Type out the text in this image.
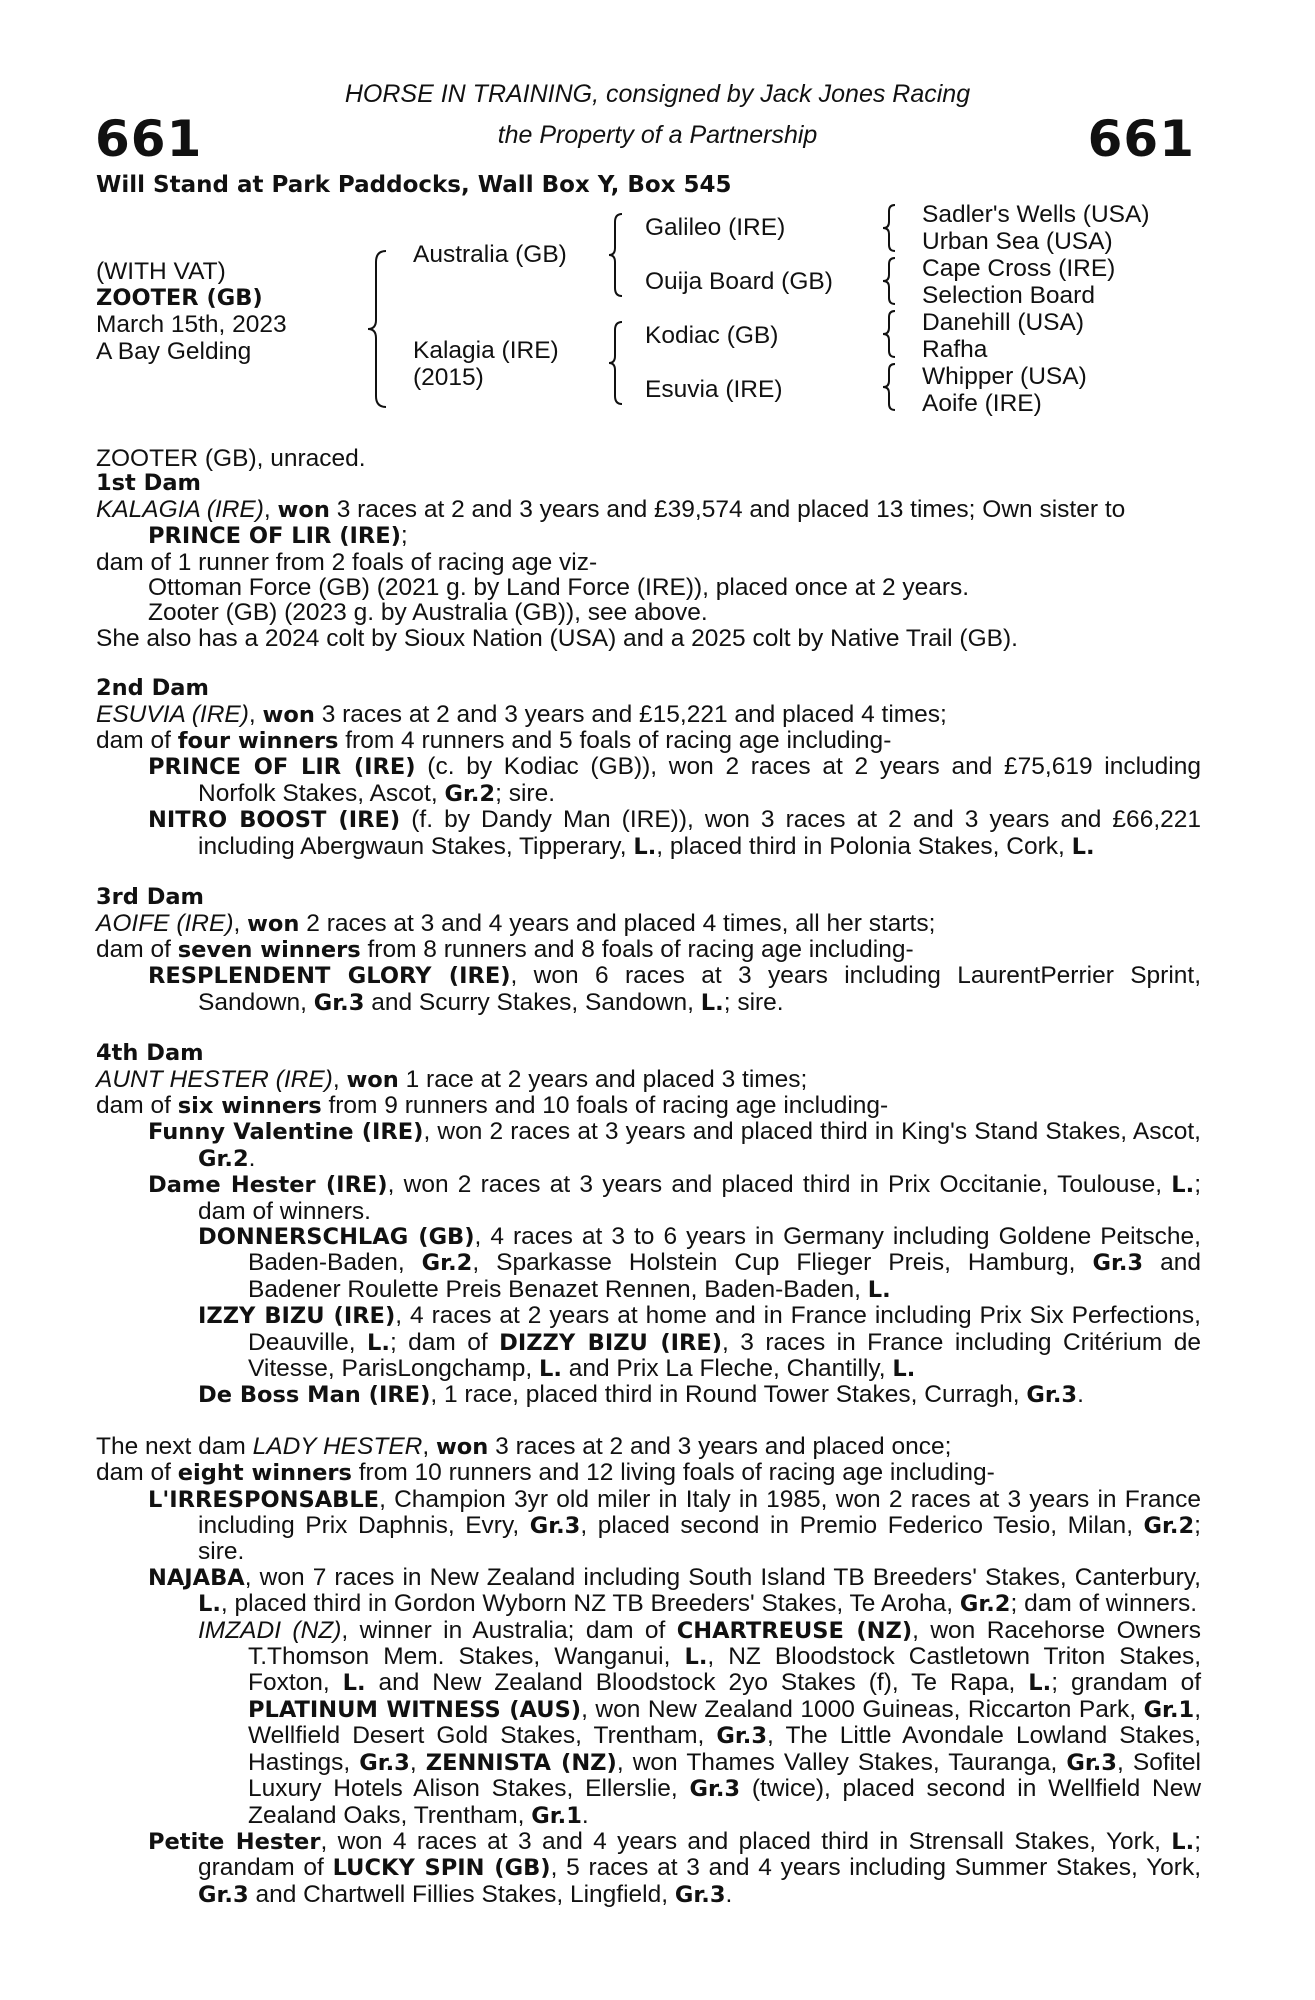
661	661
HORSE IN TRAINING, consigned by Jack Jones Racing
the Property of a Partnership
Will Stand at Park Paddocks, Wall Box Y, Box 545
(WITH VAT)
ZOOTER (GB)
March 15th, 2023
A Bay Gelding
Australia (GB)
Kalagia (IRE)
(2015)
Galileo (IRE)
Ouija Board (GB)
Kodiac (GB)
Esuvia (IRE)
Sadler's Wells (USA)
Urban Sea (USA)
Cape Cross (IRE)
Selection Board
Danehill (USA)
Rafha
Whipper (USA)
Aoife (IRE)

ZOOTER (GB), unraced.

1st Dam

KALAGIA (IRE), won 3 races at 2 and 3 years and £39,574 and placed 13 times; Own sister to

PRINCE OF LIR (IRE);

dam of 1 runner from 2 foals of racing age viz-

Ottoman Force (GB) (2021 g. by Land Force (IRE)), placed once at 2 years.

Zooter (GB) (2023 g. by Australia (GB)), see above.

She also has a 2024 colt by Sioux Nation (USA) and a 2025 colt by Native Trail (GB).

2nd Dam

ESUVIA (IRE), won 3 races at 2 and 3 years and £15,221 and placed 4 times;

dam of four winners from 4 runners and 5 foals of racing age including-

PRINCE OF LIR (IRE) (c. by Kodiac (GB)), won 2 races at 2 years and £75,619 including Norfolk Stakes, Ascot, Gr.2; sire.

NITRO BOOST (IRE) (f. by Dandy Man (IRE)), won 3 races at 2 and 3 years and £66,221 including Abergwaun Stakes, Tipperary, L., placed third in Polonia Stakes, Cork, L.

3rd Dam

AOIFE (IRE), won 2 races at 3 and 4 years and placed 4 times, all her starts;

dam of seven winners from 8 runners and 8 foals of racing age including-

RESPLENDENT GLORY (IRE), won 6 races at 3 years including LaurentPerrier Sprint, Sandown, Gr.3 and Scurry Stakes, Sandown, L.; sire.

4th Dam

AUNT HESTER (IRE), won 1 race at 2 years and placed 3 times;

dam of six winners from 9 runners and 10 foals of racing age including-

Funny Valentine (IRE), won 2 races at 3 years and placed third in King's Stand Stakes, Ascot, Gr.2.

Dame Hester (IRE), won 2 races at 3 years and placed third in Prix Occitanie, Toulouse, L.; dam of winners.

DONNERSCHLAG (GB), 4 races at 3 to 6 years in Germany including Goldene Peitsche, Baden-Baden, Gr.2, Sparkasse Holstein Cup Flieger Preis, Hamburg, Gr.3 and Badener Roulette Preis Benazet Rennen, Baden-Baden, L.

IZZY BIZU (IRE), 4 races at 2 years at home and in France including Prix Six Perfections, Deauville, L.; dam of DIZZY BIZU (IRE), 3 races in France including Critérium de Vitesse, ParisLongchamp, L. and Prix La Fleche, Chantilly, L.

De Boss Man (IRE), 1 race, placed third in Round Tower Stakes, Curragh, Gr.3.

The next dam LADY HESTER, won 3 races at 2 and 3 years and placed once;

dam of eight winners from 10 runners and 12 living foals of racing age including-

L'IRRESPONSABLE, Champion 3yr old miler in Italy in 1985, won 2 races at 3 years in France including Prix Daphnis, Evry, Gr.3, placed second in Premio Federico Tesio, Milan, Gr.2; sire.

NAJABA, won 7 races in New Zealand including South Island TB Breeders' Stakes, Canterbury, L., placed third in Gordon Wyborn NZ TB Breeders' Stakes, Te Aroha, Gr.2; dam of winners.

IMZADI (NZ), winner in Australia; dam of CHARTREUSE (NZ), won Racehorse Owners T.Thomson Mem. Stakes, Wanganui, L., NZ Bloodstock Castletown Triton Stakes, Foxton, L. and New Zealand Bloodstock 2yo Stakes (f), Te Rapa, L.; grandam of PLATINUM WITNESS (AUS), won New Zealand 1000 Guineas, Riccarton Park, Gr.1, Wellfield Desert Gold Stakes, Trentham, Gr.3, The Little Avondale Lowland Stakes, Hastings, Gr.3, ZENNISTA (NZ), won Thames Valley Stakes, Tauranga, Gr.3, Sofitel Luxury Hotels Alison Stakes, Ellerslie, Gr.3 (twice), placed second in Wellfield New Zealand Oaks, Trentham, Gr.1.

Petite Hester, won 4 races at 3 and 4 years and placed third in Strensall Stakes, York, L.; grandam of LUCKY SPIN (GB), 5 races at 3 and 4 years including Summer Stakes, York, Gr.3 and Chartwell Fillies Stakes, Lingfield, Gr.3.
